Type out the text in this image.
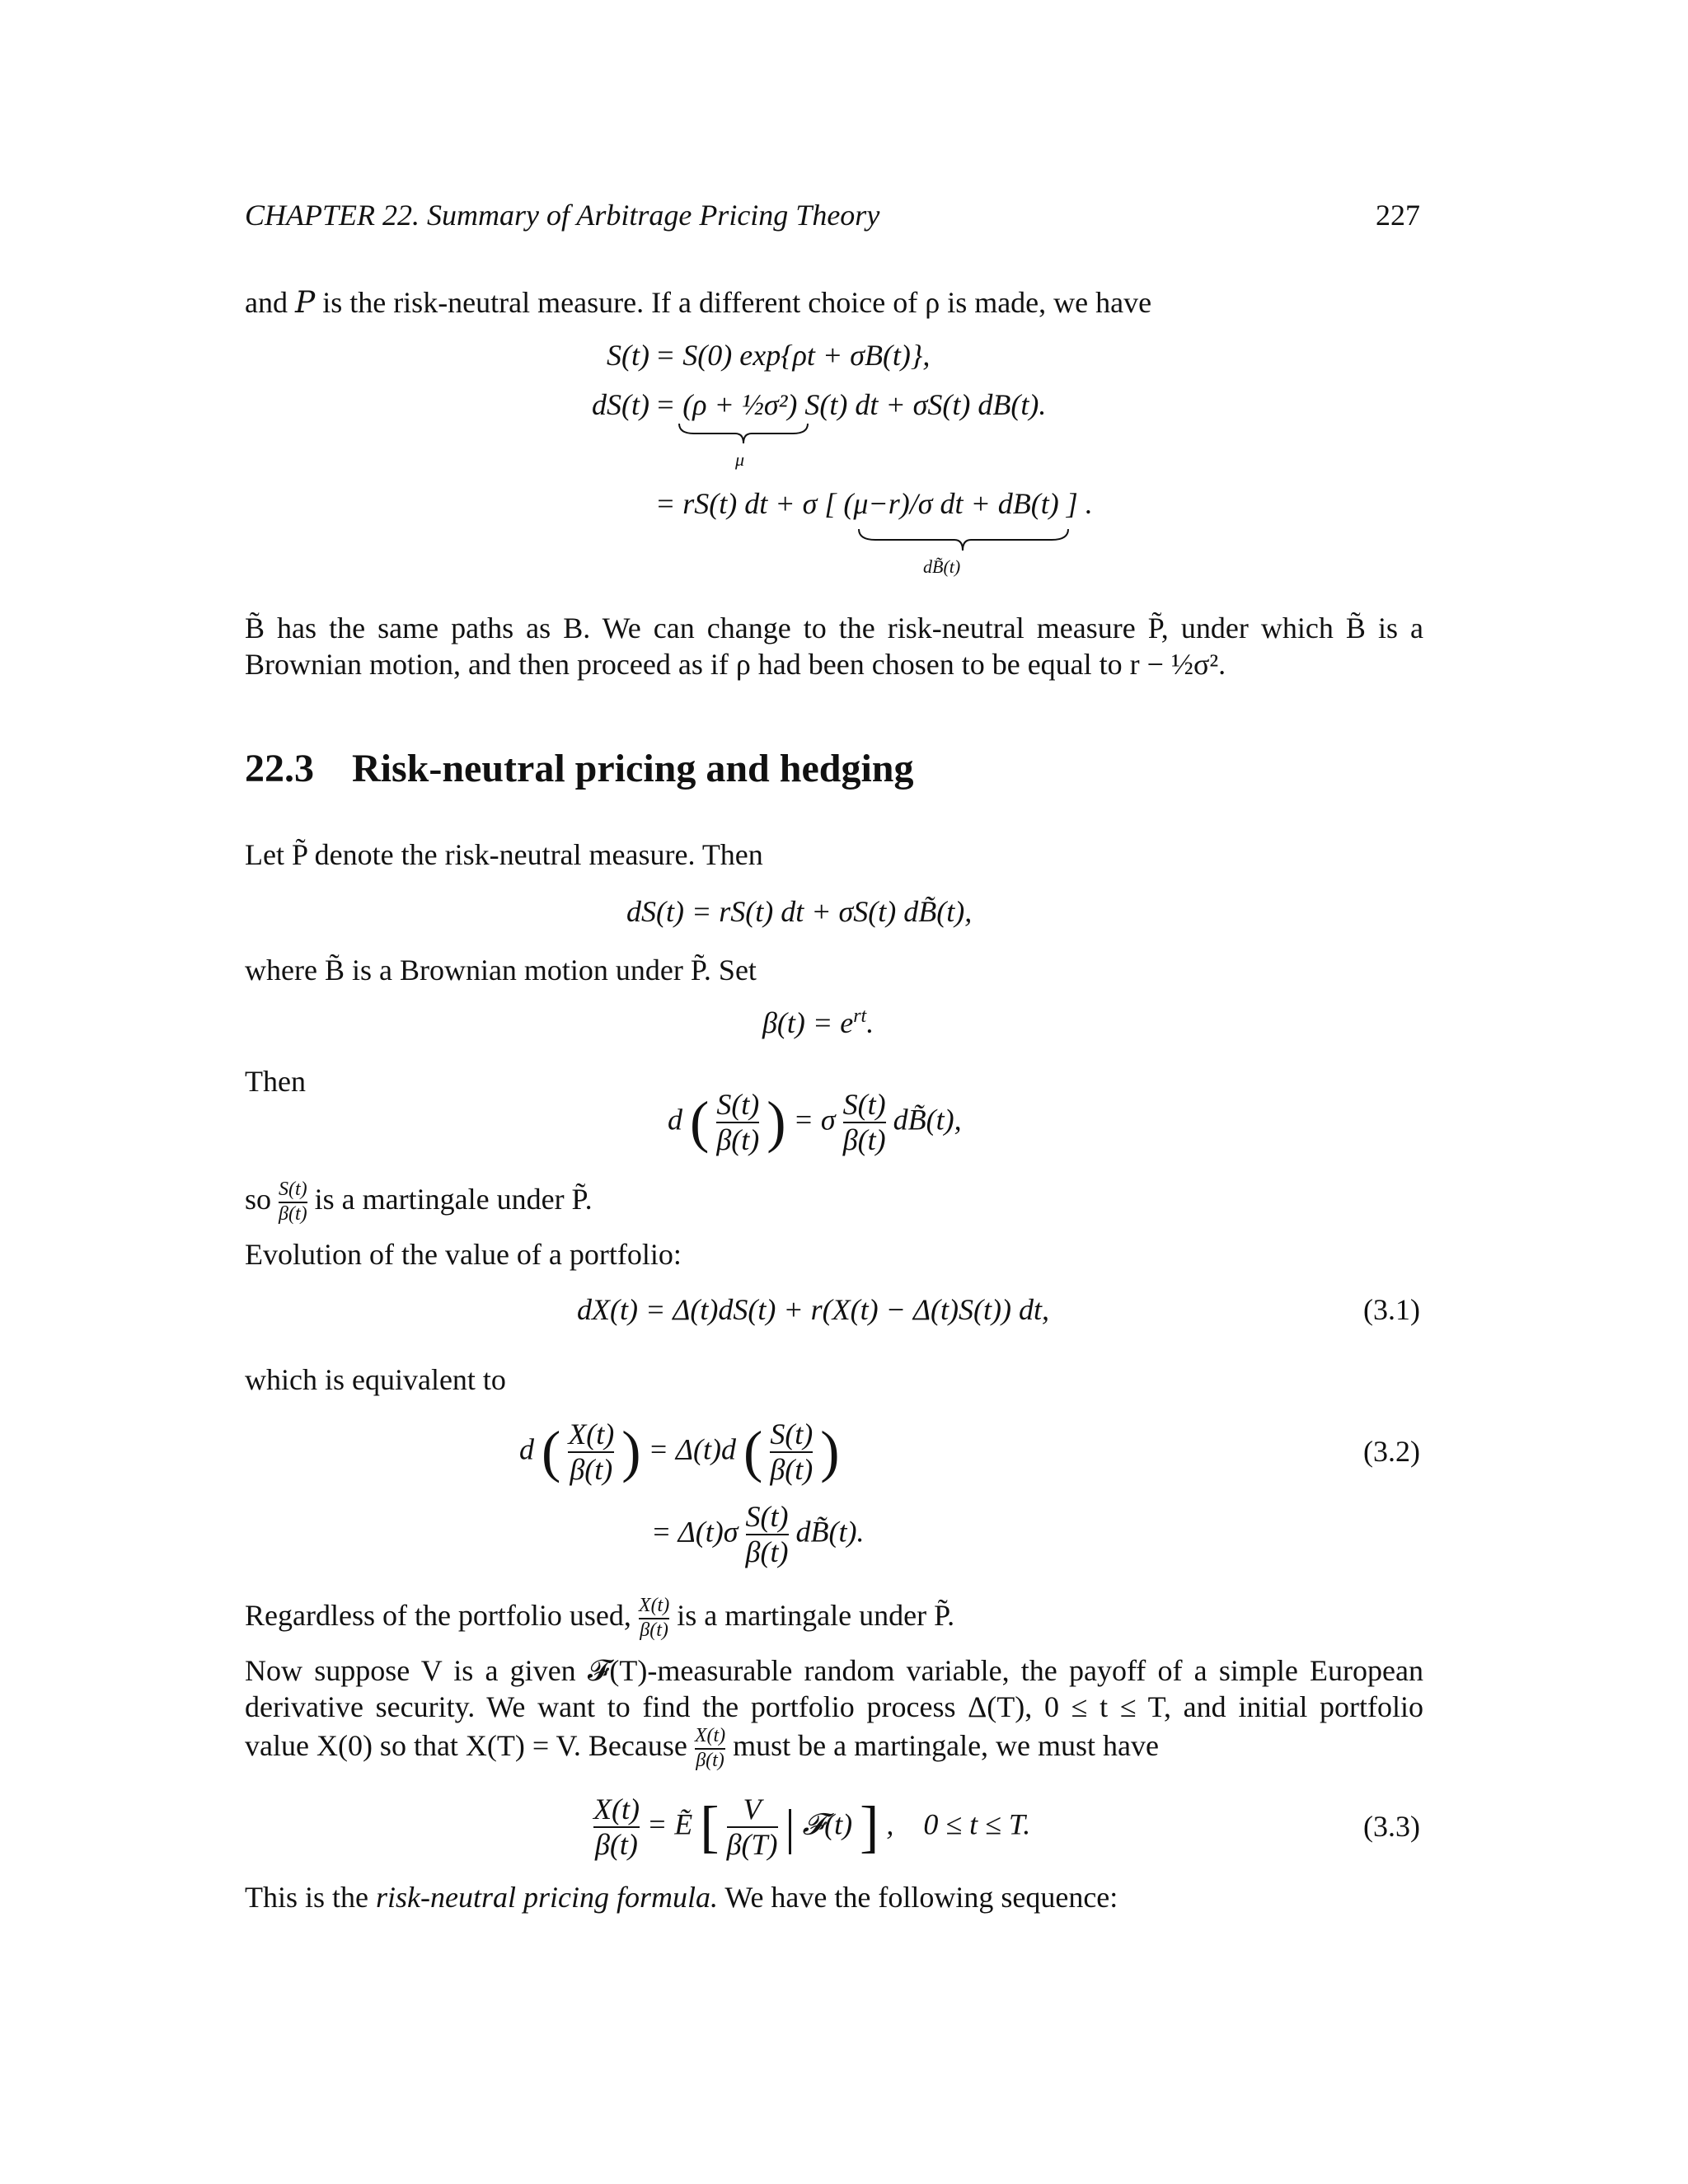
CHAPTER 22. Summary of Arbitrage Pricing Theory	227
and 𝑃 is the risk-neutral measure. If a different choice of ρ is made, we have
S(t) = S(0) exp{ρt + σB(t)},
dS(t) = (ρ + ½σ²) S(t) dt + σS(t) dB(t).
μ
= rS(t) dt + σ [ (μ−r)/σ dt + dB(t) ] .
dB̃(t)
B̃ has the same paths as B. We can change to the risk-neutral measure P̃, under which B̃ is a
Brownian motion, and then proceed as if ρ had been chosen to be equal to r − ½σ².
22.3 Risk-neutral pricing and hedging
Let P̃ denote the risk-neutral measure. Then
dS(t) = rS(t) dt + σS(t) dB̃(t),
where B̃ is a Brownian motion under P̃. Set
$\beta(t) = e^{rt}$.
Then
d ( $\frac{S(t)}{\beta(t)}$ ) = σ $\frac{S(t)}{\beta(t)}$ dB̃(t),
so $\frac{S(t)}{\beta(t)}$ is a martingale under P̃.
Evolution of the value of a portfolio:
dX(t) = Δ(t)dS(t) + r(X(t) − Δ(t)S(t)) dt,	(3.1)
which is equivalent to
d ( $\frac{X(t)}{\beta(t)}$ ) = Δ(t)d ( $\frac{S(t)}{\beta(t)}$ )	(3.2)
= $\Delta(t)\sigma \frac{S(t)}{\beta(t)}$ dB̃(t).
Regardless of the portfolio used, $\frac{X(t)}{\beta(t)}$ is a martingale under P̃.
Now suppose V is a given 𝓕(T)-measurable random variable, the payoff of a simple European
derivative security. We want to find the portfolio process Δ(T), 0 ≤ t ≤ T, and initial portfolio
value X(0) so that X(T) = V. Because $\frac{X(t)}{\beta(t)}$ must be a martingale, we must have
$\frac{X(t)}{\beta(t)}$ = Ẽ [ $\frac{V}{\beta(T)}$ | 𝓕(t) ] ,    0 ≤ t ≤ T.	(3.3)
This is the risk-neutral pricing formula. We have the following sequence:
